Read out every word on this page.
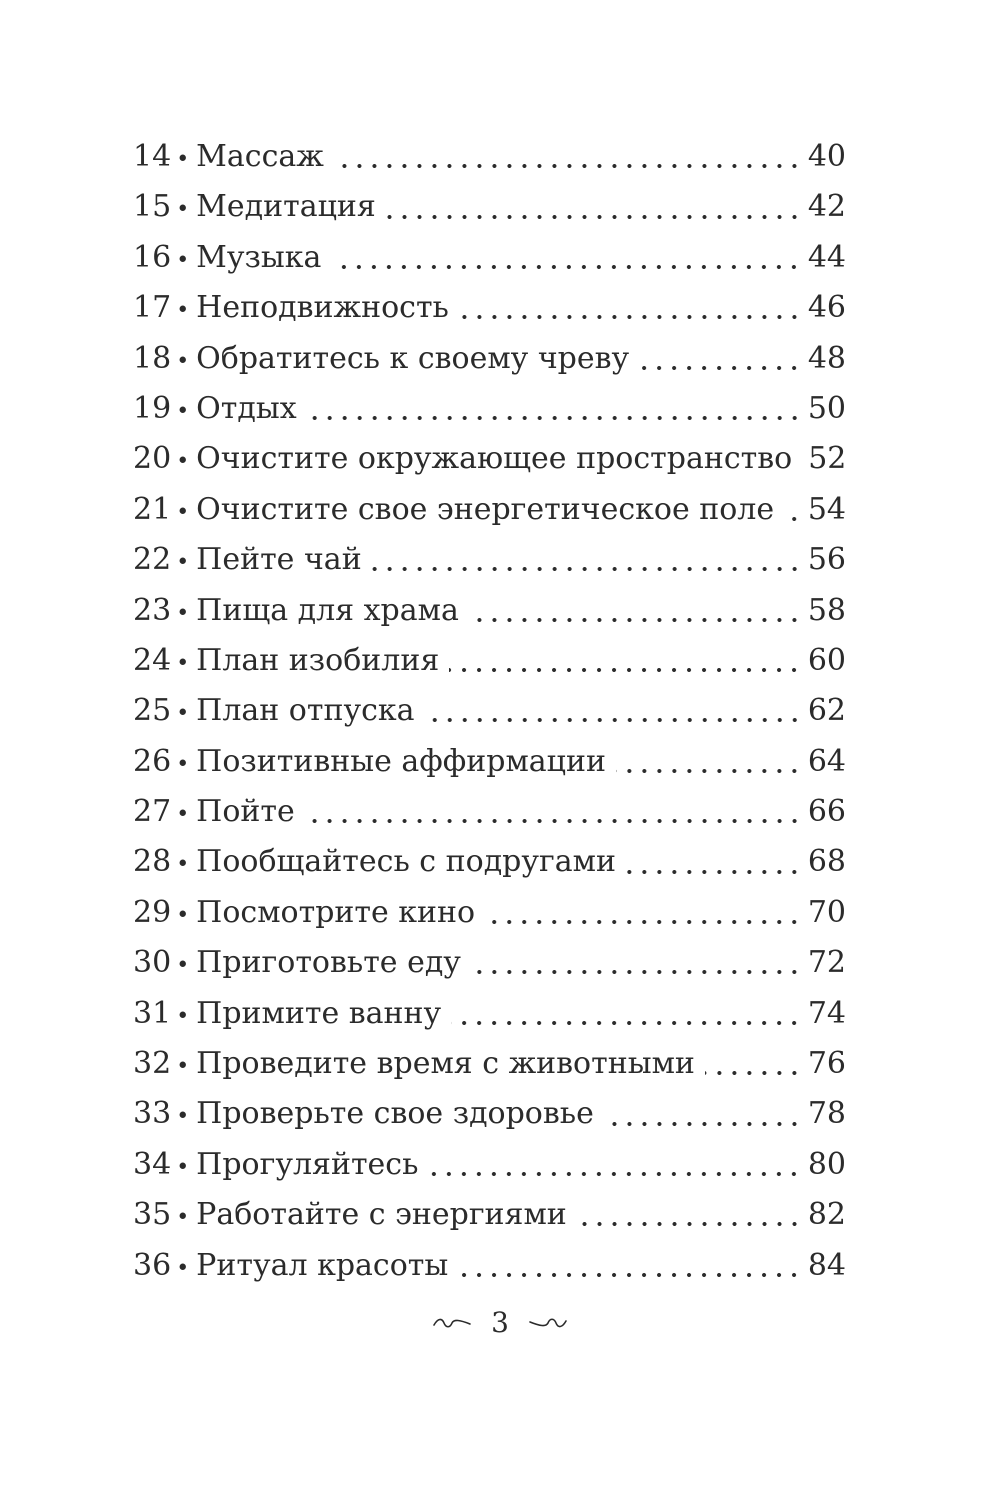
14 • Массаж	40
15 • Медитация	42
16 • Музыка	44
17 • Неподвижность	46
18 • Обратитесь к своему чреву	48
19 • Отдых	50
20 • Очистите окружающее пространство 52
21 • Очистите свое энергетическое поле 54
22 • Пейте чай	56
23 • Пища для храма	58
24 • План изобилия	60
25 • План отпуска	62
26 • Позитивные аффирмации	64
27 • Пойте	66
28 • Пообщайтесь с подругами	68
29 • Посмотрите кино	70
30 • Приготовьте еду	72
31 • Примите ванну	74
32 • Проведите время с животными	76
33 • Проверьте свое здоровье	78
34 • Прогуляйтесь	80
35 • Работайте с энергиями	82
36 • Ритуал красоты	84
3
